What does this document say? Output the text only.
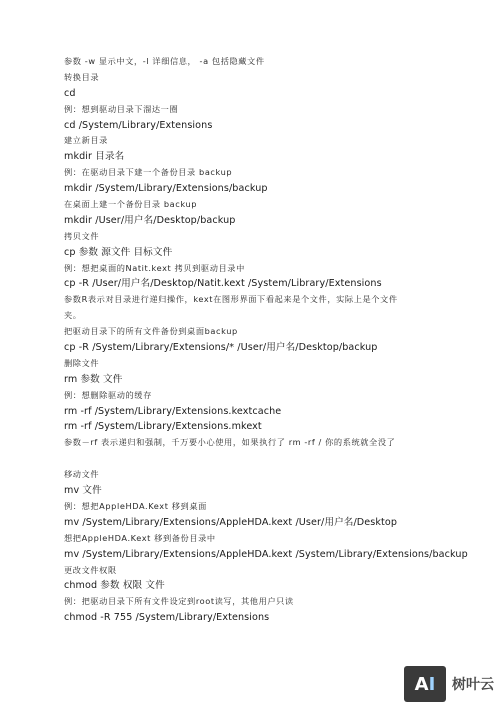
参数 -w 显示中文，-l 详细信息， -a 包括隐藏文件
转换目录
cd
例：想到驱动目录下溜达一圈
cd /System/Library/Extensions
建立新目录
mkdir 目录名
例：在驱动目录下建一个备份目录 backup
mkdir /System/Library/Extensions/backup
在桌面上建一个备份目录 backup
mkdir /User/用户名/Desktop/backup
拷贝文件
cp 参数 源文件 目标文件
例：想把桌面的Natit.kext 拷贝到驱动目录中
cp -R /User/用户名/Desktop/Natit.kext /System/Library/Extensions
参数R表示对目录进行递归操作，kext在图形界面下看起来是个文件，实际上是个文件
夹。
把驱动目录下的所有文件备份到桌面backup
cp -R /System/Library/Extensions/* /User/用户名/Desktop/backup
删除文件
rm 参数 文件
例：想删除驱动的缓存
rm -rf /System/Library/Extensions.kextcache
rm -rf /System/Library/Extensions.mkext
参数－rf 表示递归和强制，千万要小心使用，如果执行了 rm -rf / 你的系统就全没了
移动文件
mv 文件
例：想把AppleHDA.Kext 移到桌面
mv /System/Library/Extensions/AppleHDA.kext /User/用户名/Desktop
想把AppleHDA.Kext 移到备份目录中
mv /System/Library/Extensions/AppleHDA.kext /System/Library/Extensions/backup
更改文件权限
chmod 参数 权限 文件
例：把驱动目录下所有文件设定到root读写，其他用户只读
chmod -R 755 /System/Library/Extensions
A I 树叶云
